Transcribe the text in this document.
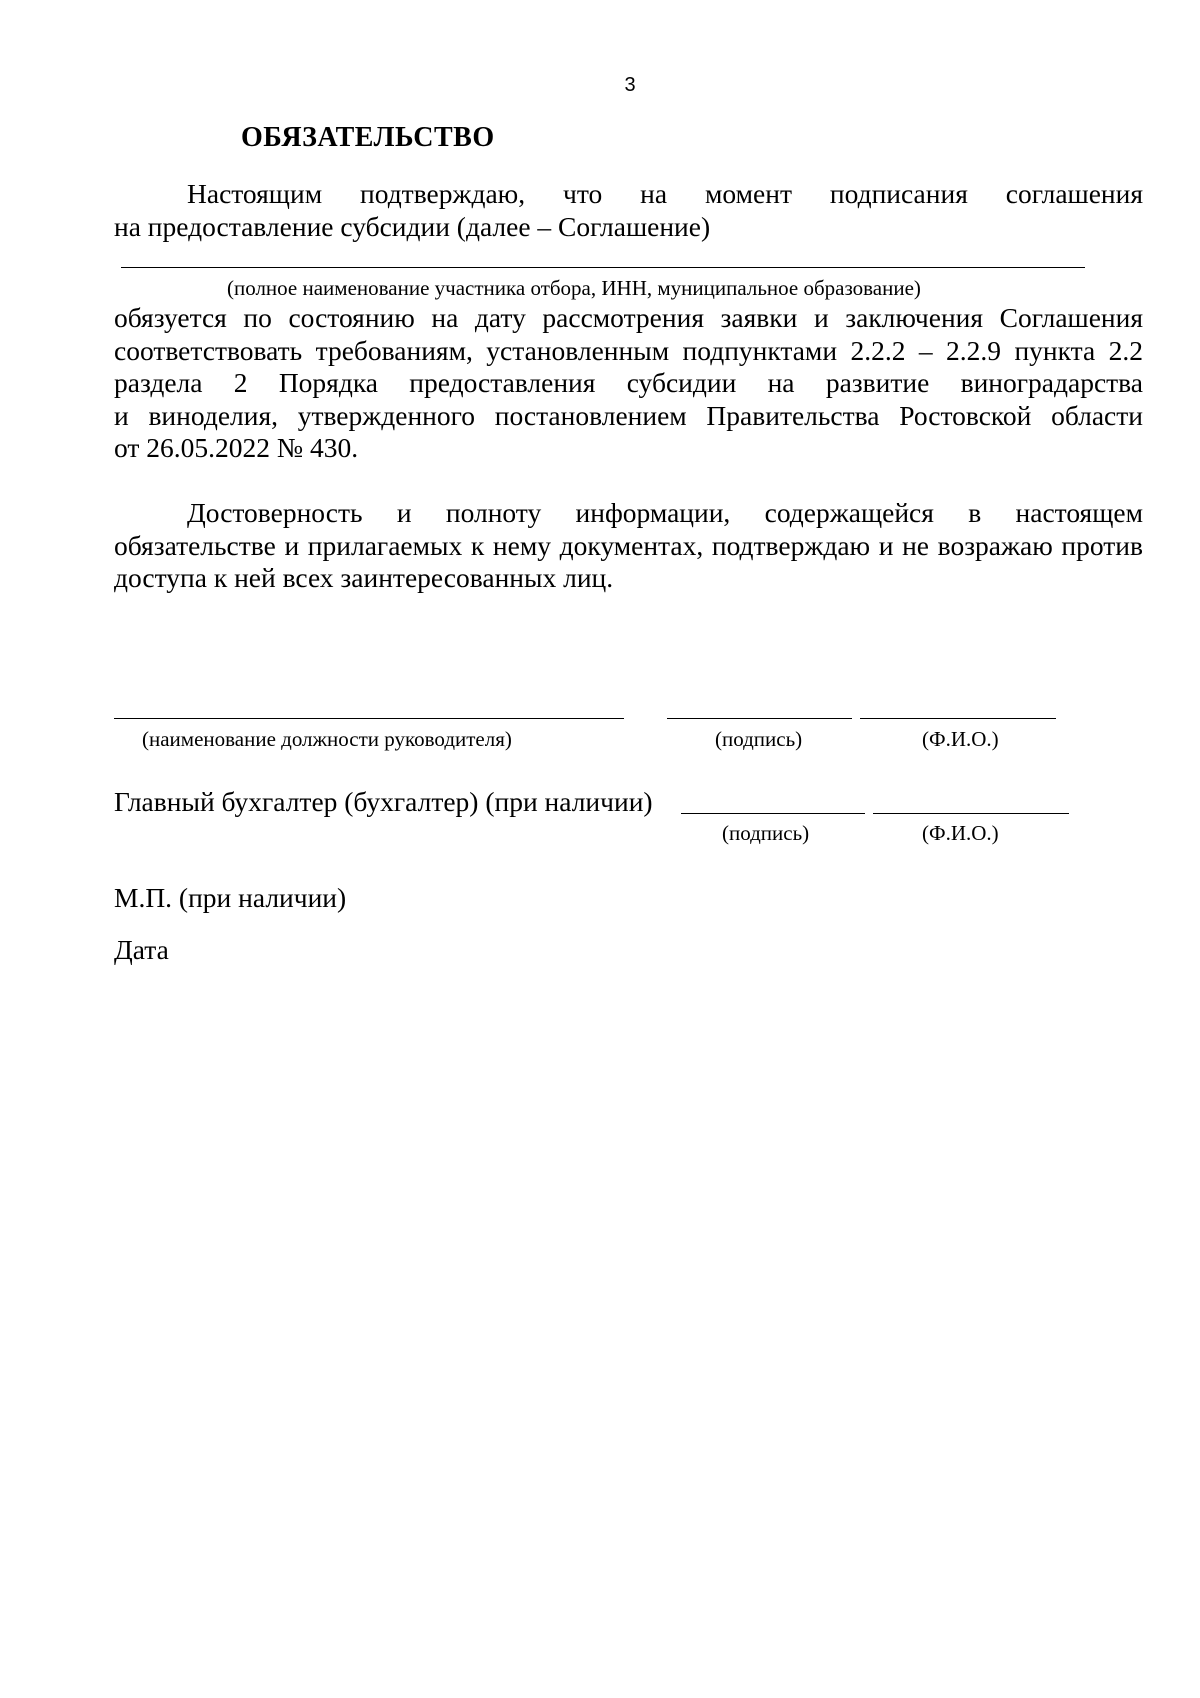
3
ОБЯЗАТЕЛЬСТВО
Настоящим подтверждаю, что на момент подписания соглашения
на предоставление субсидии (далее – Соглашение)
(полное наименование участника отбора, ИНН, муниципальное образование)
обязуется по состоянию на дату рассмотрения заявки и заключения Соглашения
соответствовать требованиям, установленным подпунктами 2.2.2 – 2.2.9 пункта 2.2
раздела 2 Порядка предоставления субсидии на развитие виноградарства
и виноделия, утвержденного постановлением Правительства Ростовской области
от 26.05.2022 № 430.
Достоверность и полноту информации, содержащейся в настоящем
обязательстве и прилагаемых к нему документах, подтверждаю и не возражаю против
доступа к ней всех заинтересованных лиц.
(наименование должности руководителя)	(подпись)	(Ф.И.О.)
Главный бухгалтер (бухгалтер) (при наличии)
(подпись)	(Ф.И.О.)
М.П. (при наличии)
Дата
